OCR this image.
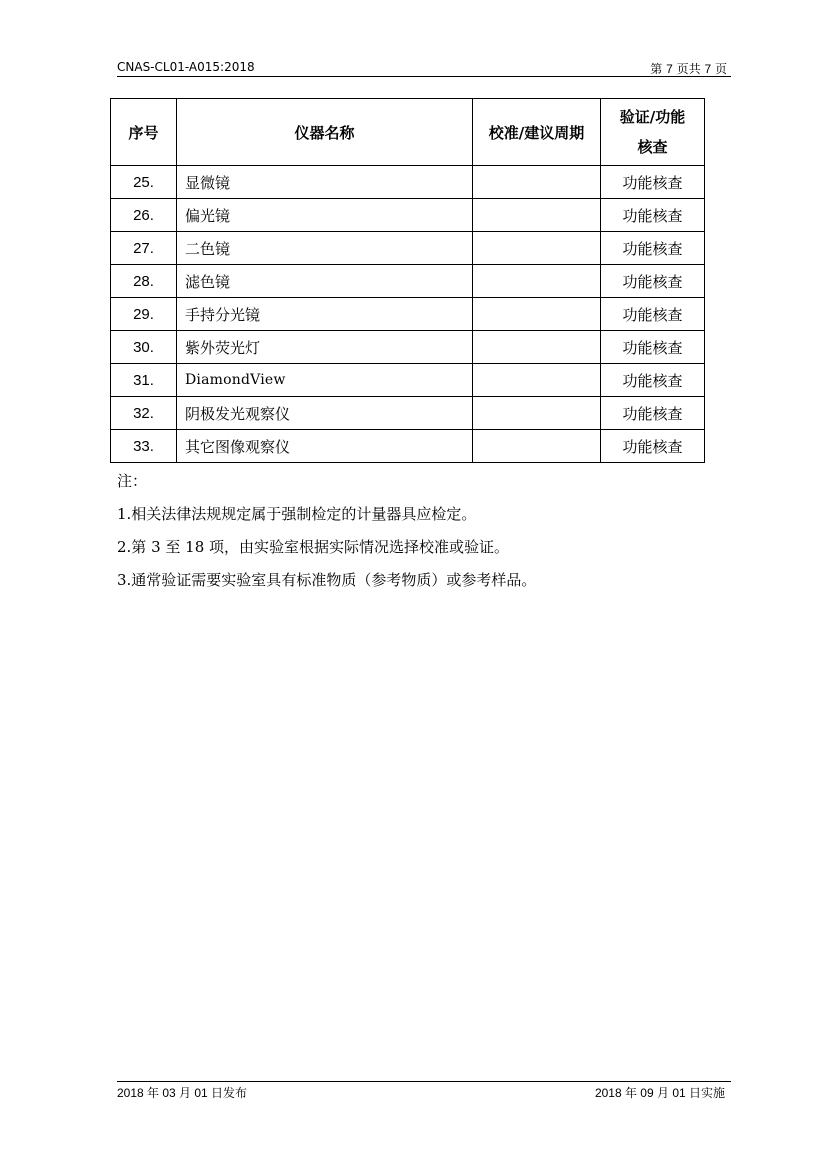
CNAS-CL01-A015:2018	第 7 页共 7 页
序号	仪器名称	校准/建议周期	验证/功能
核查

25.	显微镜		功能核查
26.	偏光镜		功能核查
27.	二色镜		功能核查
28.	滤色镜		功能核查
29.	手持分光镜		功能核查
30.	紫外荧光灯		功能核查
31.	DiamondView		功能核查
32.	阴极发光观察仪		功能核查
33.	其它图像观察仪		功能核查
注：
1.相关法律法规规定属于强制检定的计量器具应检定。
2.第 3 至 18 项，由实验室根据实际情况选择校准或验证。
3.通常验证需要实验室具有标准物质（参考物质）或参考样品。
2018 年 03 月 01 日发布	2018 年 09 月 01 日实施
